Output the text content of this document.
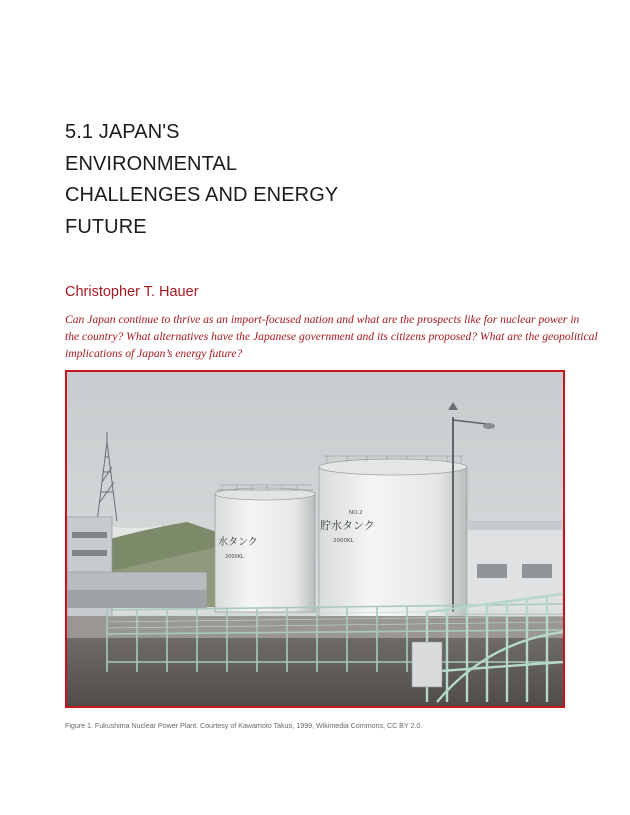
5.1 JAPAN'S
ENVIRONMENTAL
CHALLENGES AND ENERGY
FUTURE
Christopher T. Hauer
Can Japan continue to thrive as an import-focused nation and what are the prospects like for nuclear power in
the country? What alternatives have the Japanese government and its citizens proposed? What are the geopolitical
implications of Japan’s energy future?
水タンク
2000KL
NO.2
貯水タンク
2000KL
Figure 1. Fukushima Nuclear Power Plant. Courtesy of Kawamoto Takuo, 1999, Wikimedia Commons, CC BY 2.0.
